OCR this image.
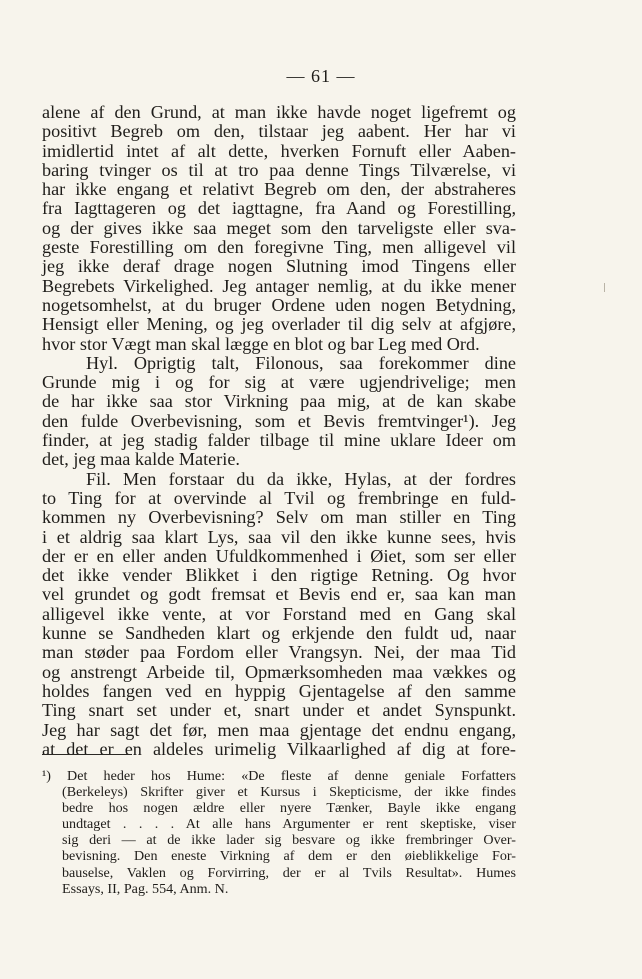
— 61 —
alene af den Grund, at man ikke havde noget ligefremt og
positivt Begreb om den, tilstaar jeg aabent. Her har vi
imidlertid intet af alt dette, hverken Fornuft eller Aaben-
baring tvinger os til at tro paa denne Tings Tilværelse, vi
har ikke engang et relativt Begreb om den, der abstraheres
fra Iagttageren og det iagttagne, fra Aand og Forestilling,
og der gives ikke saa meget som den tarveligste eller sva-
geste Forestilling om den foregivne Ting, men alligevel vil
jeg ikke deraf drage nogen Slutning imod Tingens eller
Begrebets Virkelighed. Jeg antager nemlig, at du ikke mener
nogetsomhelst, at du bruger Ordene uden nogen Betydning,
Hensigt eller Mening, og jeg overlader til dig selv at afgjøre,
hvor stor Vægt man skal lægge en blot og bar Leg med Ord.
Hyl. Oprigtig talt, Filonous, saa forekommer dine
Grunde mig i og for sig at være ugjendrivelige; men
de har ikke saa stor Virkning paa mig, at de kan skabe
den fulde Overbevisning, som et Bevis fremtvinger¹). Jeg
finder, at jeg stadig falder tilbage til mine uklare Ideer om
det, jeg maa kalde Materie.
Fil. Men forstaar du da ikke, Hylas, at der fordres
to Ting for at overvinde al Tvil og frembringe en fuld-
kommen ny Overbevisning? Selv om man stiller en Ting
i et aldrig saa klart Lys, saa vil den ikke kunne sees, hvis
der er en eller anden Ufuldkommenhed i Øiet, som ser eller
det ikke vender Blikket i den rigtige Retning. Og hvor
vel grundet og godt fremsat et Bevis end er, saa kan man
alligevel ikke vente, at vor Forstand med en Gang skal
kunne se Sandheden klart og erkjende den fuldt ud, naar
man støder paa Fordom eller Vrangsyn. Nei, der maa Tid
og anstrengt Arbeide til, Opmærksomheden maa vækkes og
holdes fangen ved en hyppig Gjentagelse af den samme
Ting snart set under et, snart under et andet Synspunkt.
Jeg har sagt det før, men maa gjentage det endnu engang,
at det er en aldeles urimelig Vilkaarlighed af dig at fore-
¹) Det heder hos Hume: «De fleste af denne geniale Forfatters
(Berkeleys) Skrifter giver et Kursus i Skepticisme, der ikke findes
bedre hos nogen ældre eller nyere Tænker, Bayle ikke engang
undtaget . . . . At alle hans Argumenter er rent skeptiske, viser
sig deri — at de ikke lader sig besvare og ikke frembringer Over-
bevisning. Den eneste Virkning af dem er den øieblikkelige For-
bauselse, Vaklen og Forvirring, der er al Tvils Resultat». Humes
Essays, II, Pag. 554, Anm. N.
